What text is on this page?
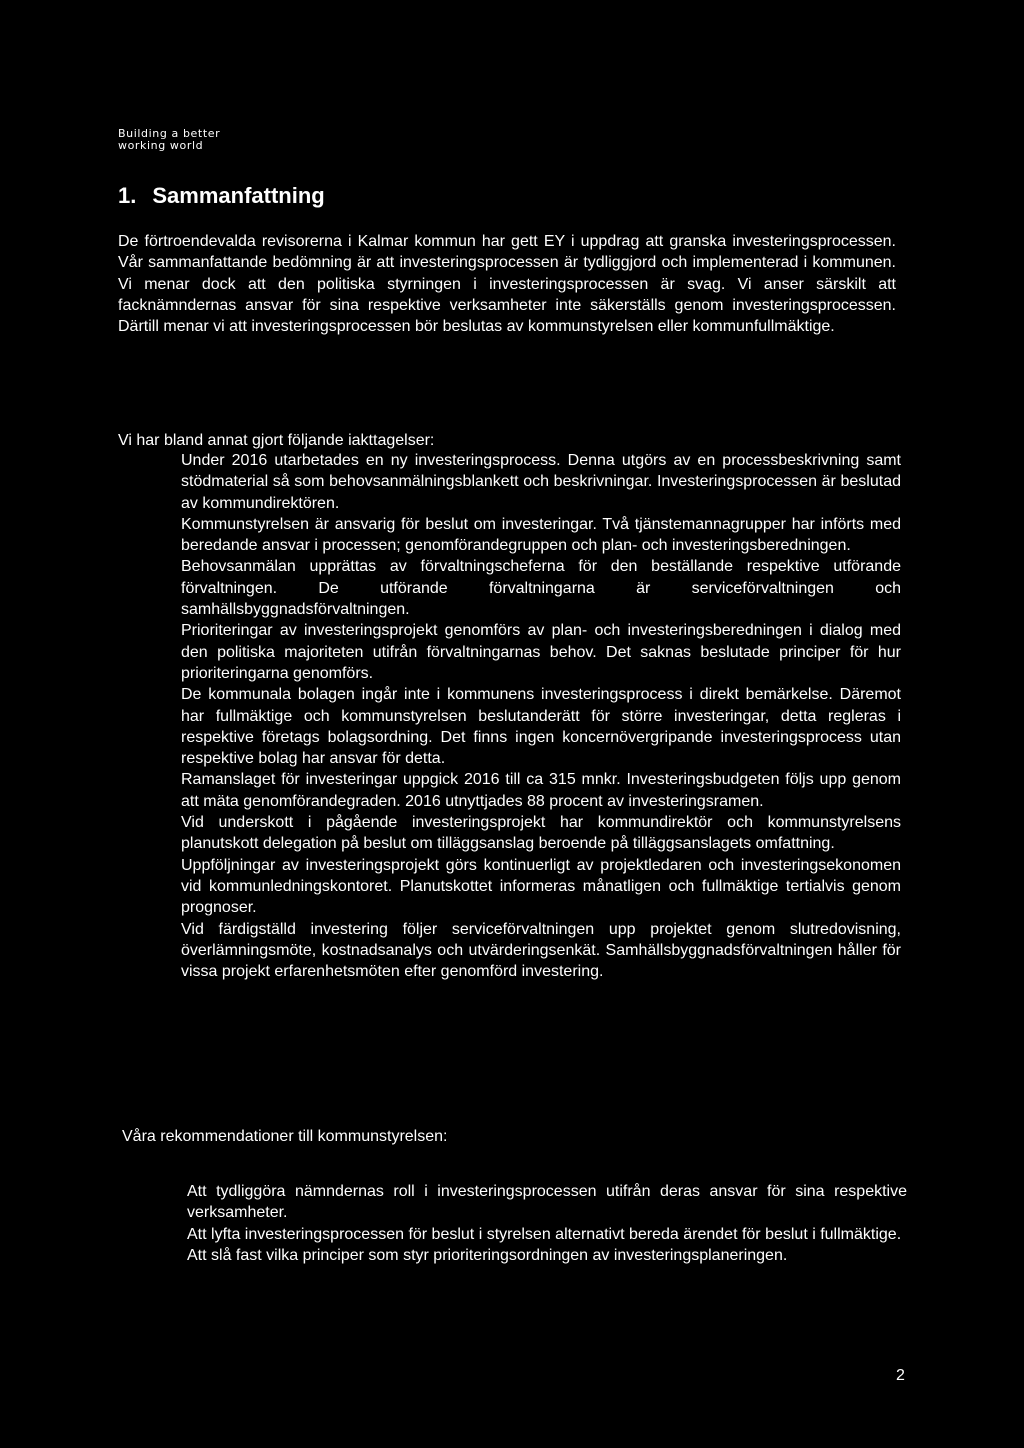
Building a better
working world
1. Sammanfattning
De förtroendevalda revisorerna i Kalmar kommun har gett EY i uppdrag att granska investeringsprocessen. Vår sammanfattande bedömning är att investeringsprocessen är tydliggjord och implementerad i kommunen. Vi menar dock att den politiska styrningen i investeringsprocessen är svag. Vi anser särskilt att facknämndernas ansvar för sina respektive verksamheter inte säkerställs genom investeringsprocessen. Därtill menar vi att investeringsprocessen bör beslutas av kommunstyrelsen eller kommunfullmäktige.
Vi har bland annat gjort följande iakttagelser:

Under 2016 utarbetades en ny investeringsprocess. Denna utgörs av en processbeskrivning samt stödmaterial så som behovsanmälningsblankett och beskrivningar. Investeringsprocessen är beslutad av kommundirektören.

Kommunstyrelsen är ansvarig för beslut om investeringar. Två tjänstemannagrupper har införts med beredande ansvar i processen; genomförandegruppen och plan- och investeringsberedningen.

Behovsanmälan upprättas av förvaltningscheferna för den beställande respektive utförande förvaltningen. De utförande förvaltningarna är serviceförvaltningen och samhällsbyggnadsförvaltningen.

Prioriteringar av investeringsprojekt genomförs av plan- och investeringsberedningen i dialog med den politiska majoriteten utifrån förvaltningarnas behov. Det saknas beslutade principer för hur prioriteringarna genomförs.

De kommunala bolagen ingår inte i kommunens investeringsprocess i direkt bemärkelse. Däremot har fullmäktige och kommunstyrelsen beslutanderätt för större investeringar, detta regleras i respektive företags bolagsordning. Det finns ingen koncernövergripande investeringsprocess utan respektive bolag har ansvar för detta.

Ramanslaget för investeringar uppgick 2016 till ca 315 mnkr. Investeringsbudgeten följs upp genom att mäta genomförandegraden. 2016 utnyttjades 88 procent av investeringsramen.

Vid underskott i pågående investeringsprojekt har kommundirektör och kommunstyrelsens planutskott delegation på beslut om tilläggsanslag beroende på tilläggsanslagets omfattning.

Uppföljningar av investeringsprojekt görs kontinuerligt av projektledaren och investeringsekonomen vid kommunledningskontoret. Planutskottet informeras månatligen och fullmäktige tertialvis genom prognoser.

Vid färdigställd investering följer serviceförvaltningen upp projektet genom slutredovisning, överlämningsmöte, kostnadsanalys och utvärderingsenkät. Samhällsbyggnadsförvaltningen håller för vissa projekt erfarenhetsmöten efter genomförd investering.

Våra rekommendationer till kommunstyrelsen:

Att tydliggöra nämndernas roll i investeringsprocessen utifrån deras ansvar för sina respektive verksamheter.

Att lyfta investeringsprocessen för beslut i styrelsen alternativt bereda ärendet för beslut i fullmäktige.

Att slå fast vilka principer som styr prioriteringsordningen av investeringsplaneringen.

2
